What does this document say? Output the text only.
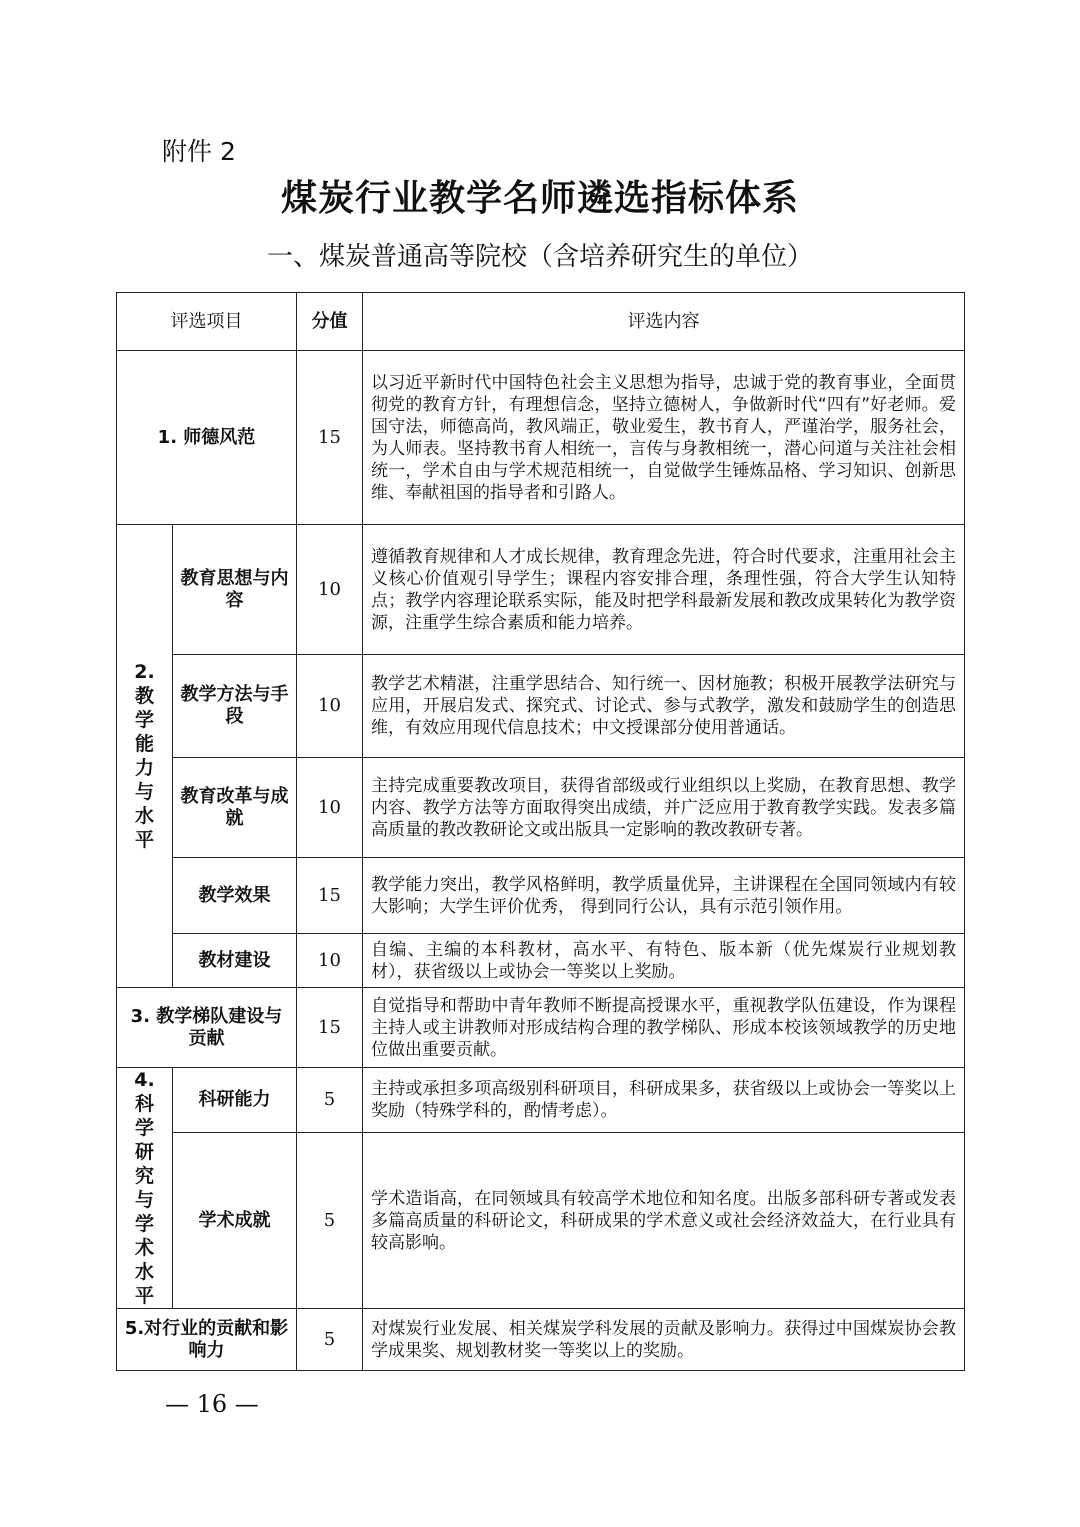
附件 2
煤炭行业教学名师遴选指标体系
一、煤炭普通高等院校（含培养研究生的单位）
评选项目		分值	评选内容
1. 师德风范		15	以习近平新时代中国特色社会主义思想为指导，忠诚于党的教育事业，全面贯彻党的教育方针，有理想信念，坚持立德树人，争做新时代“四有”好老师。爱国守法，师德高尚，教风端正，敬业爱生，教书育人，严谨治学，服务社会，为人师表。坚持教书育人相统一，言传与身教相统一，潜心问道与关注社会相统一，学术自由与学术规范相统一，自觉做学生锤炼品格、学习知识、创新思维、奉献祖国的指导者和引路人。

2.教学能力与水平	教育思想与内容	10	遵循教育规律和人才成长规律，教育理念先进，符合时代要求，注重用社会主义核心价值观引导学生；课程内容安排合理，条理性强，符合大学生认知特点；教学内容理论联系实际，能及时把学科最新发展和教改成果转化为教学资源，注重学生综合素质和能力培养。
	教学方法与手段	10	教学艺术精湛，注重学思结合、知行统一、因材施教；积极开展教学法研究与应用，开展启发式、探究式、讨论式、参与式教学，激发和鼓励学生的创造思维，有效应用现代信息技术；中文授课部分使用普通话。
	教育改革与成就	10	主持完成重要教改项目，获得省部级或行业组织以上奖励，在教育思想、教学内容、教学方法等方面取得突出成绩，并广泛应用于教育教学实践。发表多篇高质量的教改教研论文或出版具一定影响的教改教研专著。
	教学效果	15	教学能力突出，教学风格鲜明，教学质量优异，主讲课程在全国同领域内有较大影响；大学生评价优秀， 得到同行公认，具有示范引领作用。
	教材建设	10	自编、主编的本科教材，高水平、有特色、版本新（优先煤炭行业规划教材），获省级以上或协会一等奖以上奖励。
3. 教学梯队建设与贡献		15	自觉指导和帮助中青年教师不断提高授课水平，重视教学队伍建设，作为课程主持人或主讲教师对形成结构合理的教学梯队、形成本校该领域教学的历史地位做出重要贡献。

4.科学研究与学术水平	科研能力	5	主持或承担多项高级别科研项目，科研成果多，获省级以上或协会一等奖以上奖励（特殊学科的，酌情考虑）。
	学术成就	5	学术造诣高，在同领域具有较高学术地位和知名度。出版多部科研专著或发表多篇高质量的科研论文，科研成果的学术意义或社会经济效益大，在行业具有较高影响。
5.对行业的贡献和影响力		5	对煤炭行业发展、相关煤炭学科发展的贡献及影响力。获得过中国煤炭协会教学成果奖、规划教材奖一等奖以上的奖励。
— 16 —
